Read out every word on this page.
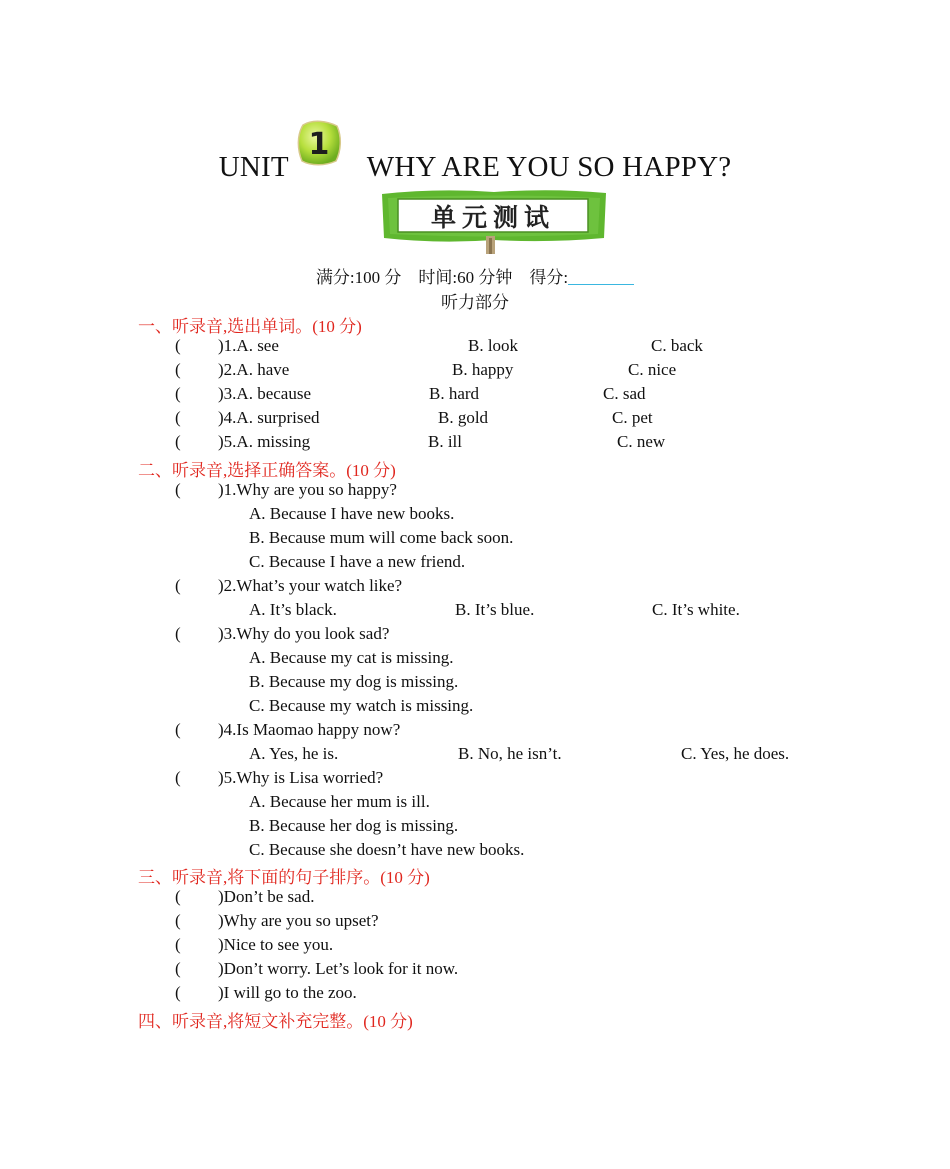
UNIT
1
WHY ARE YOU SO HAPPY?
单元测试
满分:100 分 时间:60 分钟 得分:
听力部分
一、听录音,选出单词。(10 分)
( )1.A. see	B. look	C. back
( )2.A. have	B. happy	C. nice
( )3.A. because	B. hard	C. sad
( )4.A. surprised	B. gold	C. pet
( )5.A. missing	B. ill	C. new
二、听录音,选择正确答案。(10 分)
( )1.Why are you so happy?
A. Because I have new books.
B. Because mum will come back soon.
C. Because I have a new friend.
( )2.What’s your watch like?
A. It’s black.	B. It’s blue.	C. It’s white.
( )3.Why do you look sad?
A. Because my cat is missing.
B. Because my dog is missing.
C. Because my watch is missing.
( )4.Is Maomao happy now?
A. Yes, he is.	B. No, he isn’t.	C. Yes, he does.
( )5.Why is Lisa worried?
A. Because her mum is ill.
B. Because her dog is missing.
C. Because she doesn’t have new books.
三、听录音,将下面的句子排序。(10 分)
( )Don’t be sad.
( )Why are you so upset?
( )Nice to see you.
( )Don’t worry. Let’s look for it now.
( )I will go to the zoo.
四、听录音,将短文补充完整。(10 分)
